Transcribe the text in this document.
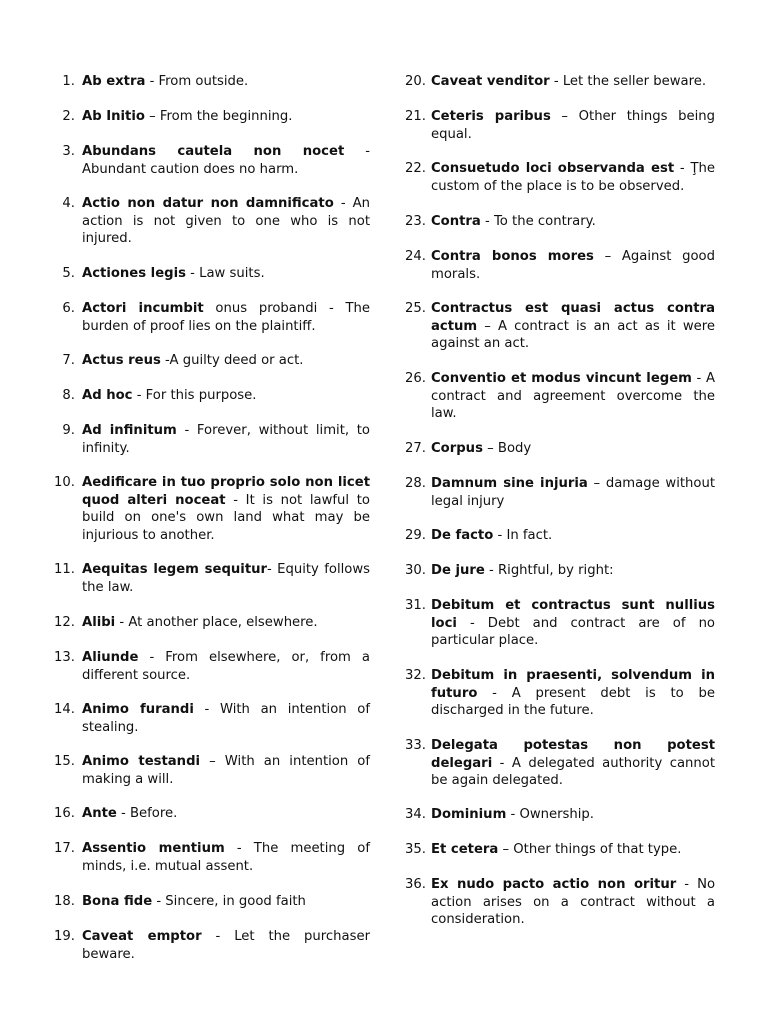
1. Ab extra - From outside.
2. Ab Initio – From the beginning.
3. Abundans cautela non nocet - Abundant caution does no harm.
4. Actio non datur non damnificato - An action is not given to one who is not injured.
5. Actiones legis - Law suits.
6. Actori incumbit onus probandi - The burden of proof lies on the plaintiff.
7. Actus reus -A guilty deed or act.
8. Ad hoc - For this purpose.
9. Ad infinitum - Forever, without limit, to infinity.
10. Aedificare in tuo proprio solo non licet quod alteri noceat - It is not lawful to build on one's own land what may be injurious to another.
11. Aequitas legem sequitur- Equity follows the law.
12. Alibi - At another place, elsewhere.
13. Aliunde - From elsewhere, or, from a different source.
14. Animo furandi - With an intention of stealing.
15. Animo testandi – With an intention of making a will.
16. Ante - Before.
17. Assentio mentium - The meeting of minds, i.e. mutual assent.
18. Bona fide - Sincere, in good faith
19. Caveat emptor - Let the purchaser beware.
20. Caveat venditor - Let the seller beware.
21. Ceteris paribus – Other things being equal.
22. Consuetudo loci observanda est - Ţhe custom of the place is to be observed.
23. Contra - To the contrary.
24. Contra bonos mores – Against good morals.
25. Contractus est quasi actus contra actum – A contract is an act as it were against an act.
26. Conventio et modus vincunt legem - A contract and agreement overcome the law.
27. Corpus – Body
28. Damnum sine injuria – damage without legal injury
29. De facto - In fact.
30. De jure - Rightful, by right:
31. Debitum et contractus sunt nullius loci - Debt and contract are of no particular place.
32. Debitum in praesenti, solvendum in futuro - A present debt is to be discharged in the future.
33. Delegata potestas non potest delegari - A delegated authority cannot be again delegated.
34. Dominium - Ownership.
35. Et cetera – Other things of that type.
36. Ex nudo pacto actio non oritur - No action arises on a contract without a consideration.
